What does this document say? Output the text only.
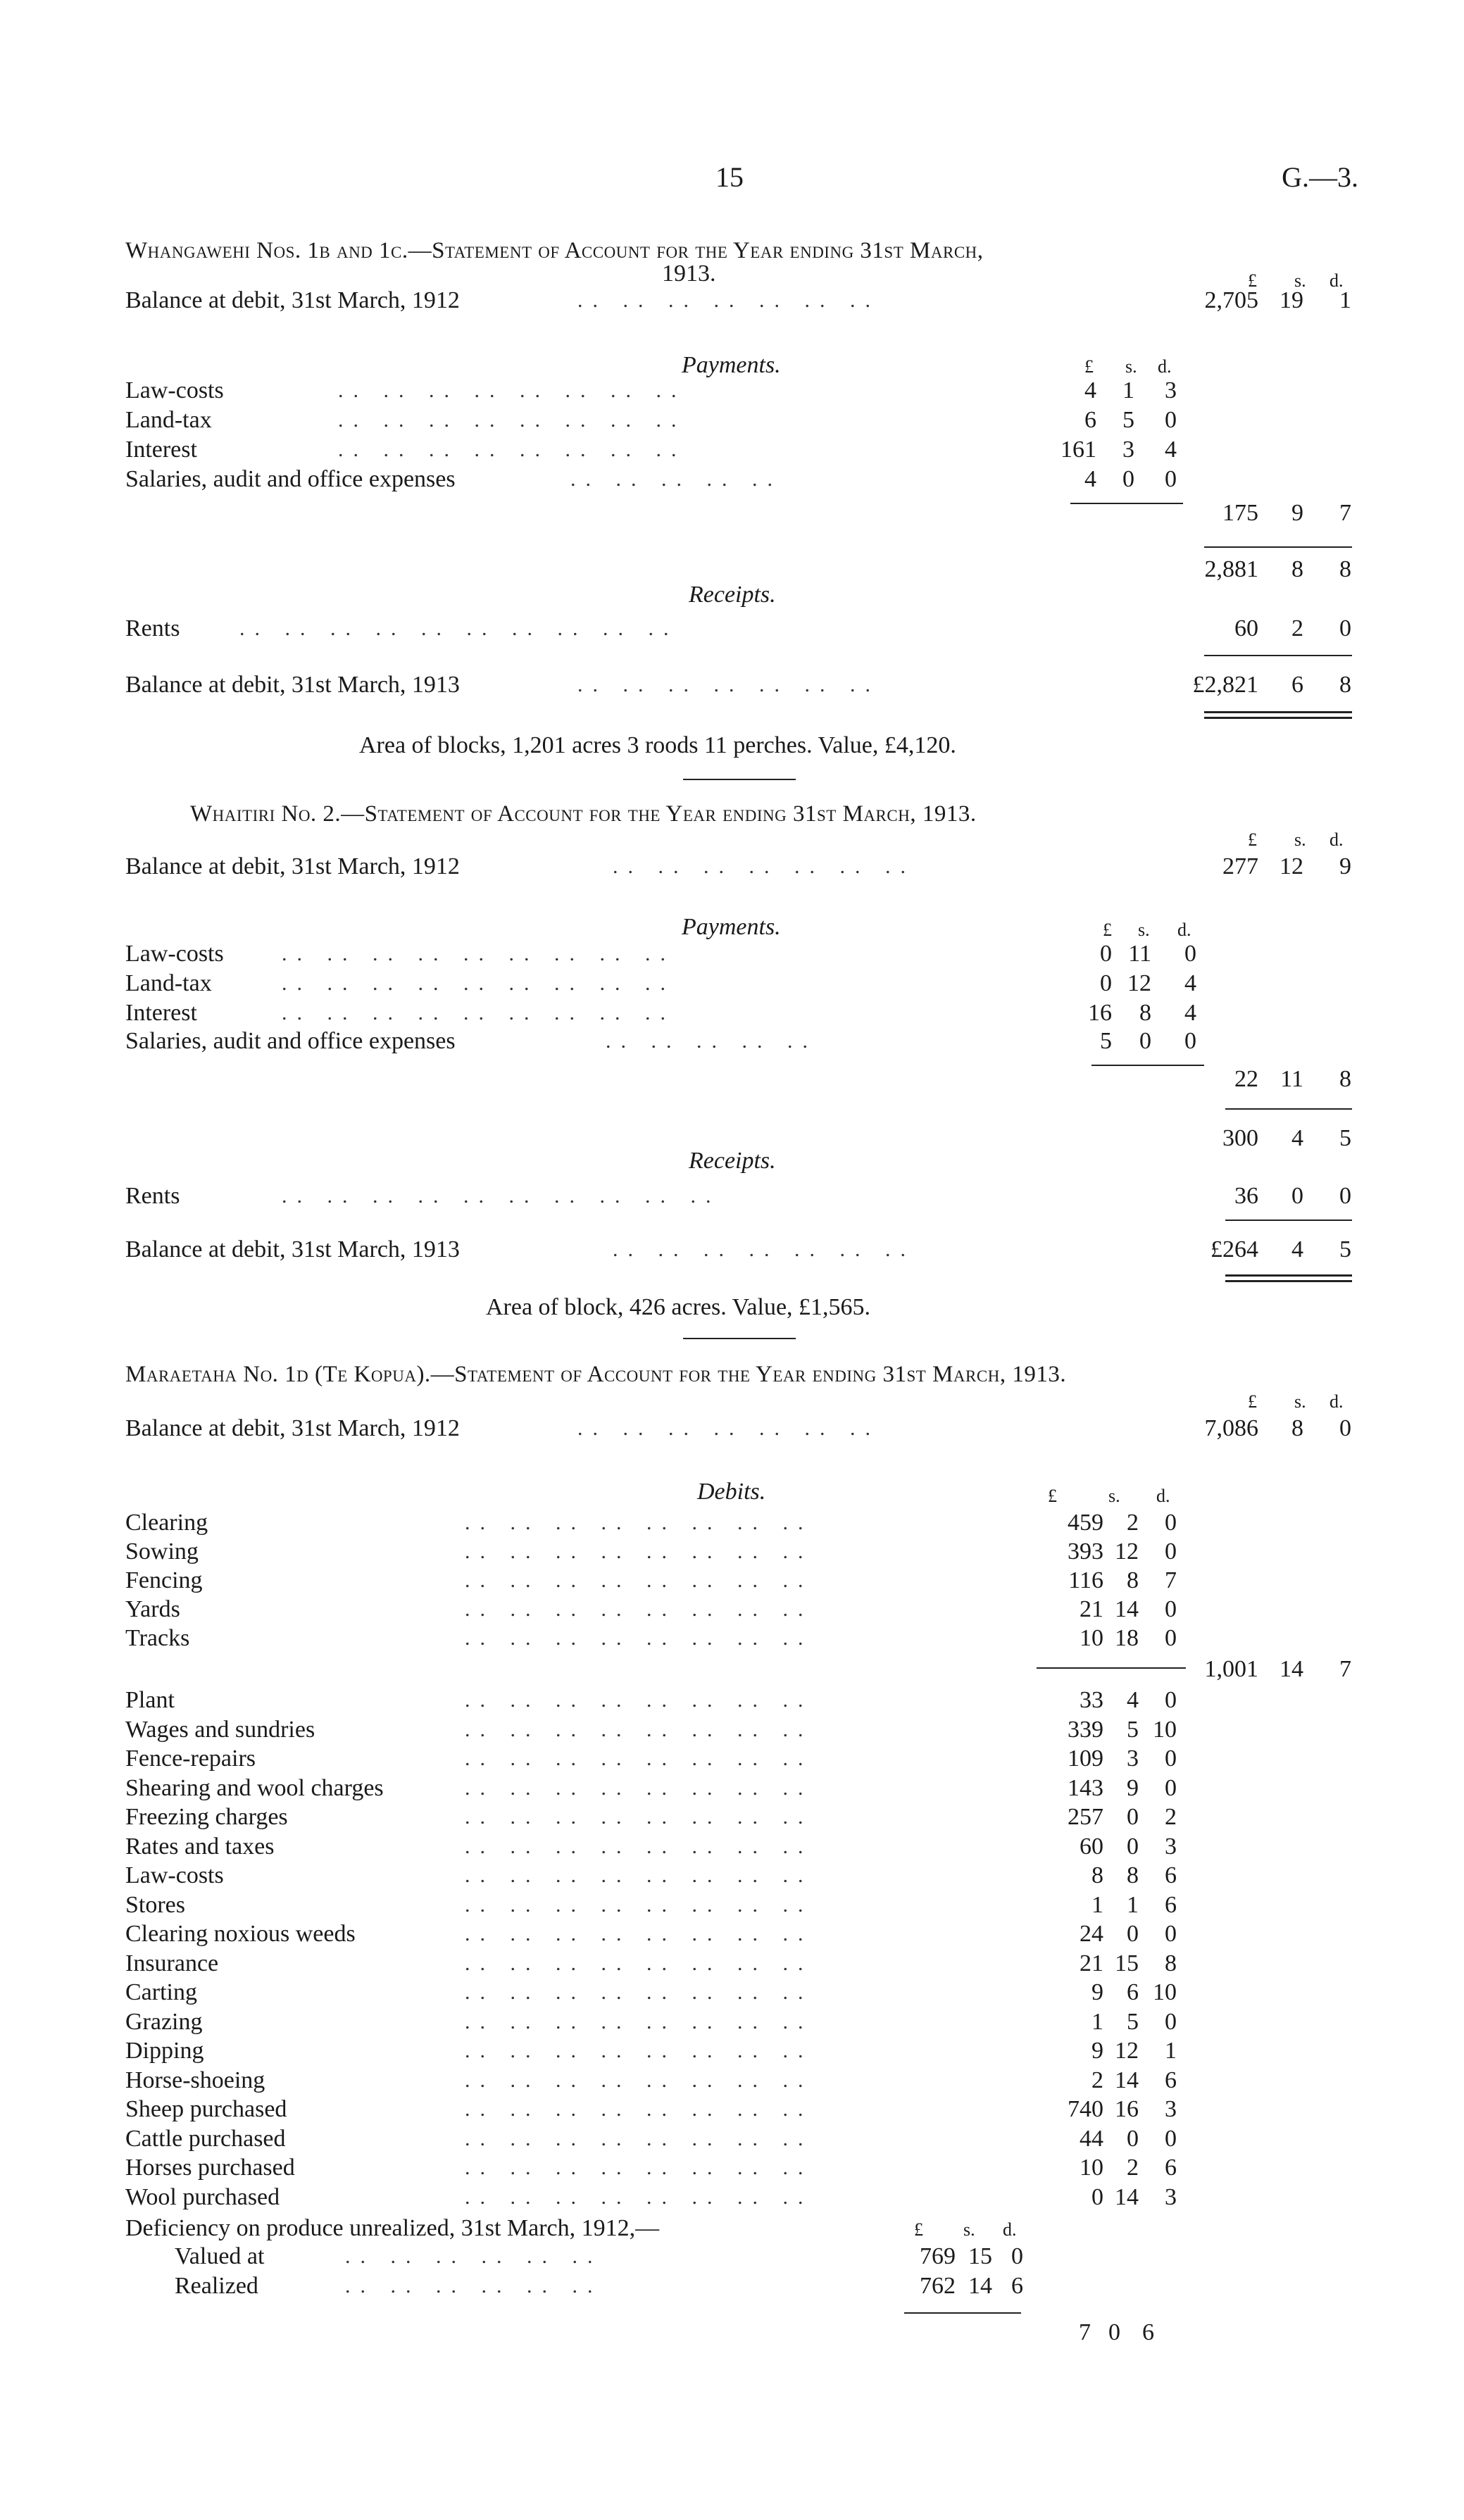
15	G.—3.
Whangawehi Nos. 1b and 1c.—Statement of Account for the Year ending 31st March,
1913.	£ s. d.
Balance at debit, 31st March, 1912	.. .. .. .. .. .. ..	2,705 19 1
Payments.	£ s. d.
Law-costs	.. .. .. .. .. .. .. ..	4 1 3
Land-tax	.. .. .. .. .. .. .. ..	6 5 0
Interest	.. .. .. .. .. .. .. ..	161 3 4
Salaries, audit and office expenses	.. .. .. .. ..	4 0 0
175 9 7
2,881 8 8
Receipts.
Rents	.. .. .. .. .. .. .. .. .. ..	60 2 0
Balance at debit, 31st March, 1913	.. .. .. .. .. .. ..	£2,821 6 8
Area of blocks, 1,201 acres 3 roods 11 perches. Value, £4,120.
Whaitiri No. 2.—Statement of Account for the Year ending 31st March, 1913.
£ s. d.
Balance at debit, 31st March, 1912	.. .. .. .. .. .. ..	277 12 9
Payments.	£ s. d.
Law-costs	.. .. .. .. .. .. .. .. ..	0 11 0
Land-tax	.. .. .. .. .. .. .. .. ..	0 12 4
Interest	.. .. .. .. .. .. .. .. ..	16 8 4
Salaries, audit and office expenses	.. .. .. .. ..	5 0 0
22 11 8
300 4 5
Receipts.
Rents	.. .. .. .. .. .. .. .. .. ..	36 0 0
Balance at debit, 31st March, 1913	.. .. .. .. .. .. ..	£264 4 5
Area of block, 426 acres. Value, £1,565.
Maraetaha No. 1d (Te Kopua).—Statement of Account for the Year ending 31st March, 1913.
£ s. d.
Balance at debit, 31st March, 1912	.. .. .. .. .. .. ..	7,086 8 0
Debits.	£	s. d.
.. .. .. .. .. .. .. ..
Clearing	459 2 0
.. .. .. .. .. .. .. ..
Sowing	393 12 0
.. .. .. .. .. .. .. ..
Fencing	116 8 7
.. .. .. .. .. .. .. ..
Yards	21 14 0
.. .. .. .. .. .. .. ..
Tracks	10 18 0
1,001 14 7
.. .. .. .. .. .. .. ..
Plant	33 4 0
.. .. .. .. .. .. .. ..
Wages and sundries	339 5 10
.. .. .. .. .. .. .. ..
Fence-repairs	109 3 0
.. .. .. .. .. .. .. ..
Shearing and wool charges	143 9 0
.. .. .. .. .. .. .. ..
Freezing charges	257 0 2
.. .. .. .. .. .. .. ..
Rates and taxes	60 0 3
.. .. .. .. .. .. .. ..
Law-costs	8 8 6
.. .. .. .. .. .. .. ..
Stores	1 1 6
.. .. .. .. .. .. .. ..
Clearing noxious weeds	24 0 0
.. .. .. .. .. .. .. ..
Insurance	21 15 8
.. .. .. .. .. .. .. ..
Carting	9 6 10
.. .. .. .. .. .. .. ..
Grazing	1 5 0
.. .. .. .. .. .. .. ..
Dipping	9 12 1
.. .. .. .. .. .. .. ..
Horse-shoeing	2 14 6
.. .. .. .. .. .. .. ..
Sheep purchased	740 16 3
.. .. .. .. .. .. .. ..
Cattle purchased	44 0 0
.. .. .. .. .. .. .. ..
Horses purchased	10 2 6
.. .. .. .. .. .. .. ..
Wool purchased	0 14 3
Deficiency on produce unrealized, 31st March, 1912,—	£ s. d.
Valued at	.. .. .. .. .. ..	769 15 0
Realized	.. .. .. .. .. ..	762 14 6
7 0 6
